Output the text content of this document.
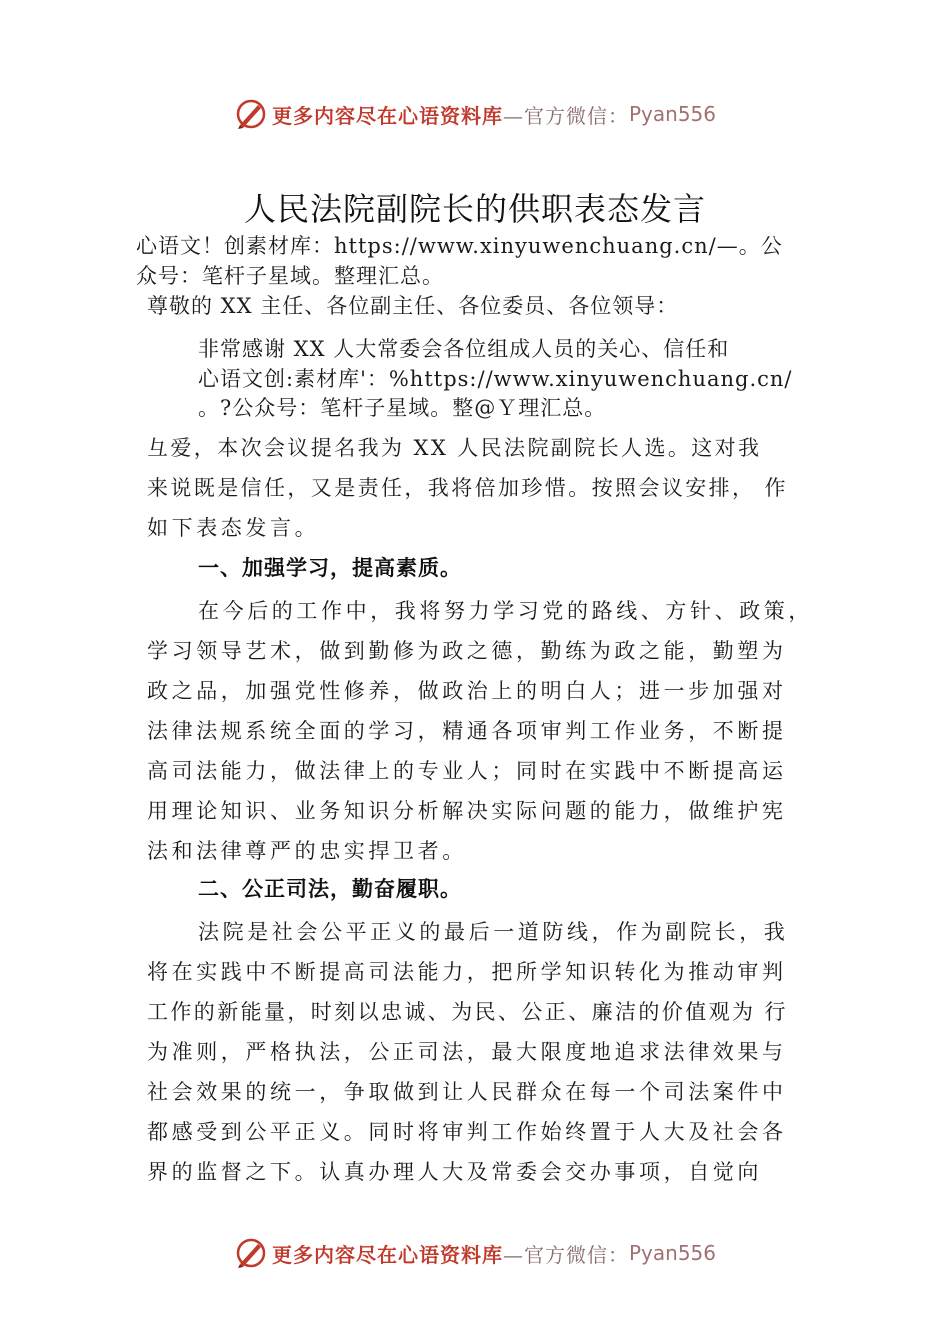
更多内容尽在心语资料库 —官方微信： Pyan556
人民法院副院长的供职表态发言
心语文！创素材库：https://www.xinyuwenchuang.cn/—。公
众号：笔杆子星域。整理汇总。
尊敬的 XX 主任、各位副主任、各位委员、各位领导：
非常感谢 XX 人大常委会各位组成人员的关心、信任和
心语文创:素材库'：%https://www.xinyuwenchuang.cn/
。?公众号：笔杆子星域。整@Ｙ理汇总。
⺔爱，本次会议提名我为 XX 人民法院副院长人选。这对我
来说既是信任，又是责任，我将倍加珍惜。按照会议安排， 作
如下表态发言。
一、加强学习，提高素质。
在今后的工作中，我将努力学习党的路线、方针、政策，
学习领导艺术，做到勤修为政之德，勤练为政之能，勤塑为
政之品，加强党性修养，做政治上的明白人；进一步加强对
法律法规系统全面的学习，精通各项审判工作业务，不断提
高司法能力，做法律上的专业人；同时在实践中不断提高运
用理论知识、业务知识分析解决实际问题的能力，做维护宪
法和法律尊严的忠实捍卫者。
二、公正司法，勤奋履职。
法院是社会公平正义的最后一道防线，作为副院长，我
将在实践中不断提高司法能力，把所学知识转化为推动审判
工作的新能量，时刻以忠诚、为民、公正、廉洁的价值观为 行
为准则，严格执法，公正司法，最大限度地追求法律效果与
社会效果的统一，争取做到让人民群众在每一个司法案件中
都感受到公平正义。同时将审判工作始终置于人大及社会各
界的监督之下。认真办理人大及常委会交办事项，自觉向
更多内容尽在心语资料库 —官方微信： Pyan556
